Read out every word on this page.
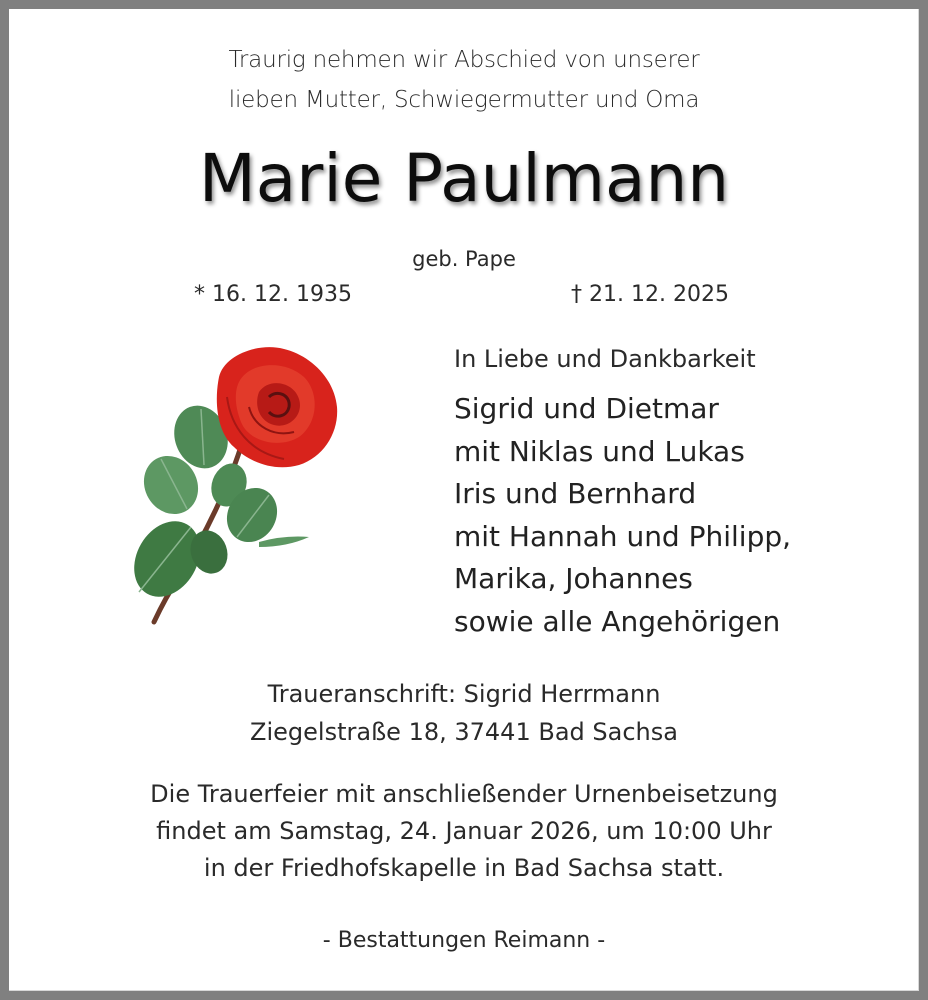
Traurig nehmen wir Abschied von unserer
lieben Mutter, Schwiegermutter und Oma
Marie Paulmann
geb. Pape
* 16. 12. 1935	† 21. 12. 2025
In Liebe und Dankbarkeit
Sigrid und Dietmar
mit Niklas und Lukas
Iris und Bernhard
mit Hannah und Philipp,
Marika, Johannes
sowie alle Angehörigen
Traueranschrift: Sigrid Herrmann
Ziegelstraße 18, 37441 Bad Sachsa
Die Trauerfeier mit anschließender Urnenbeisetzung
findet am Samstag, 24. Januar 2026, um 10:00 Uhr
in der Friedhofskapelle in Bad Sachsa statt.
- Bestattungen Reimann -
